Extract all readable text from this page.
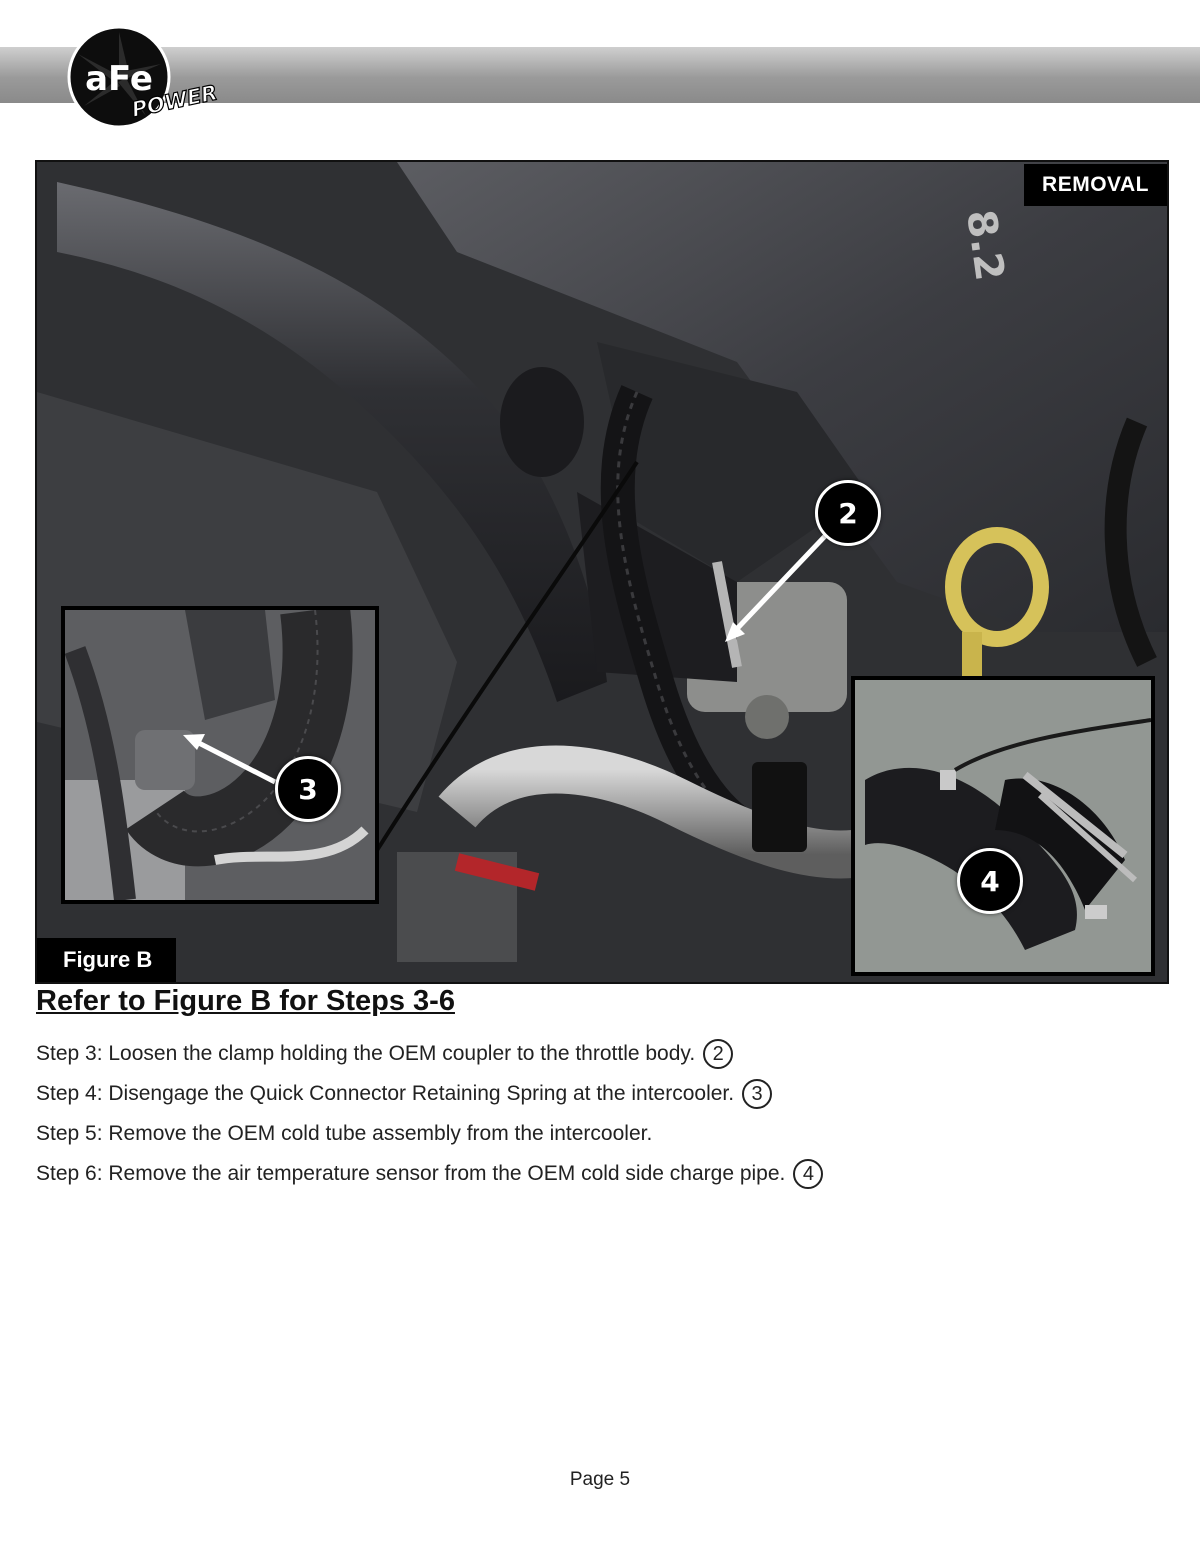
aFe
POWER
8.2
REMOVAL
2
3
4
Figure B
Refer to Figure B for Steps 3-6
Step 3: Loosen the clamp holding the OEM coupler to the throttle body. 2
Step 4: Disengage the Quick Connector Retaining Spring at the intercooler. 3
Step 5: Remove the OEM cold tube assembly from the intercooler.
Step 6: Remove the air temperature sensor from the OEM cold side charge pipe. 4
Page 5
